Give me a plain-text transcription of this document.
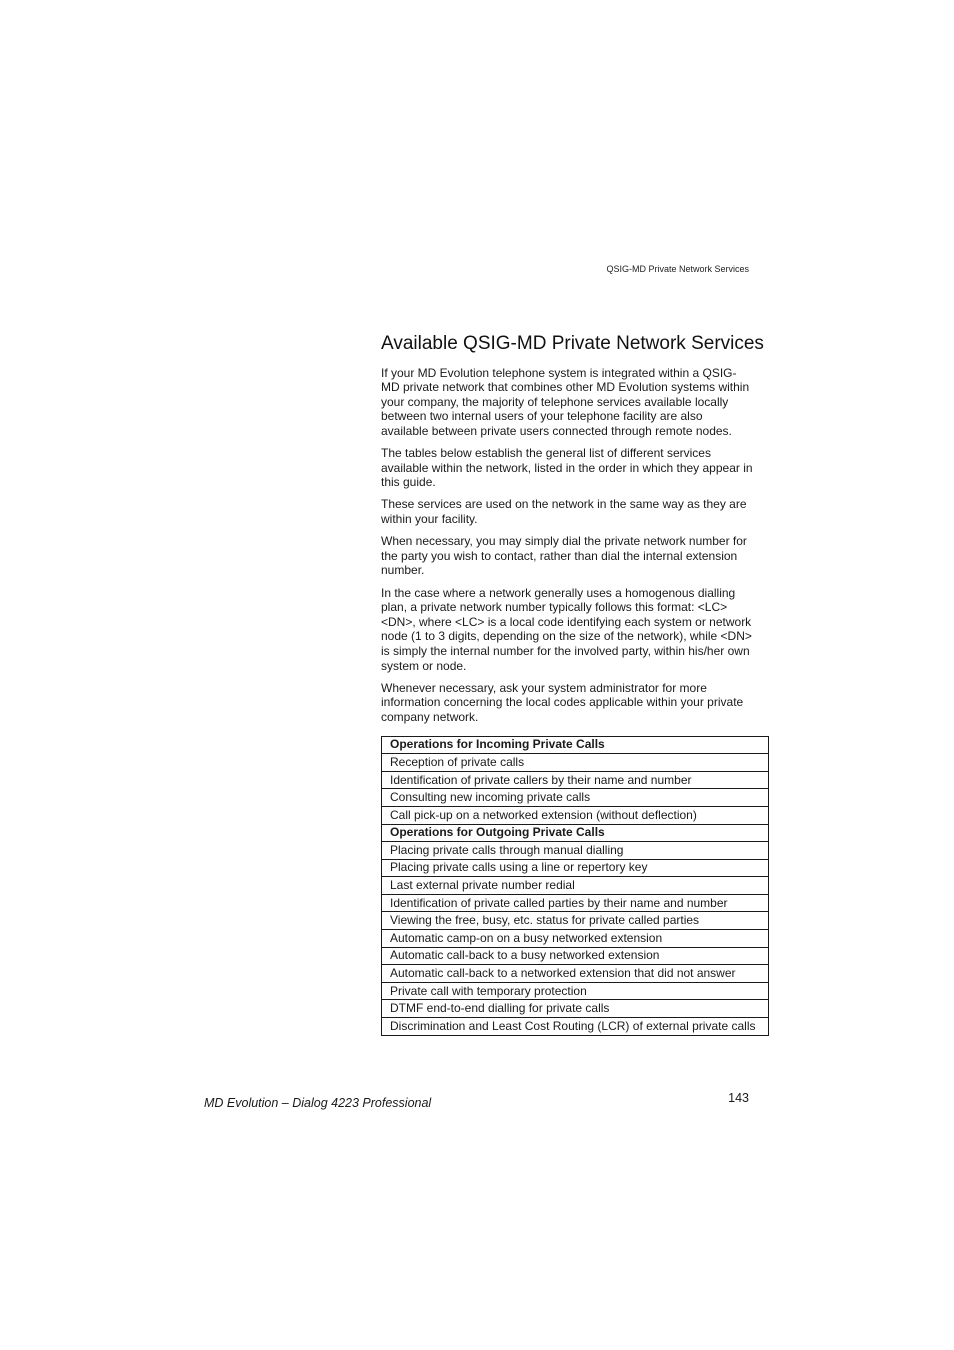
QSIG-MD Private Network Services
Available QSIG-MD Private Network Services

If your MD Evolution telephone system is integrated within a QSIG-MD private network that combines other MD Evolution systems within your company, the majority of telephone services available locally between two internal users of your telephone facility are also available between private users connected through remote nodes.

The tables below establish the general list of different services available within the network, listed in the order in which they appear in this guide.

These services are used on the network in the same way as they are within your facility.

When necessary, you may simply dial the private network number for the party you wish to contact, rather than dial the internal extension number.

In the case where a network generally uses a homogenous dialling plan, a private network number typically follows this format: <LC><DN>, where <LC> is a local code identifying each system or network node (1 to 3 digits, depending on the size of the network), while <DN> is simply the internal number for the involved party, within his/her own system or node.

Whenever necessary, ask your system administrator for more information concerning the local codes applicable within your private company network.

Operations for Incoming Private Calls
Reception of private calls
Identification of private callers by their name and number
Consulting new incoming private calls
Call pick-up on a networked extension (without deflection)
Operations for Outgoing Private Calls
Placing private calls through manual dialling
Placing private calls using a line or repertory key
Last external private number redial
Identification of private called parties by their name and number
Viewing the free, busy, etc. status for private called parties
Automatic camp-on on a busy networked extension
Automatic call-back to a busy networked extension
Automatic call-back to a networked extension that did not answer
Private call with temporary protection
DTMF end-to-end dialling for private calls
Discrimination and Least Cost Routing (LCR) of external private calls
MD Evolution – Dialog 4223 Professional	143
